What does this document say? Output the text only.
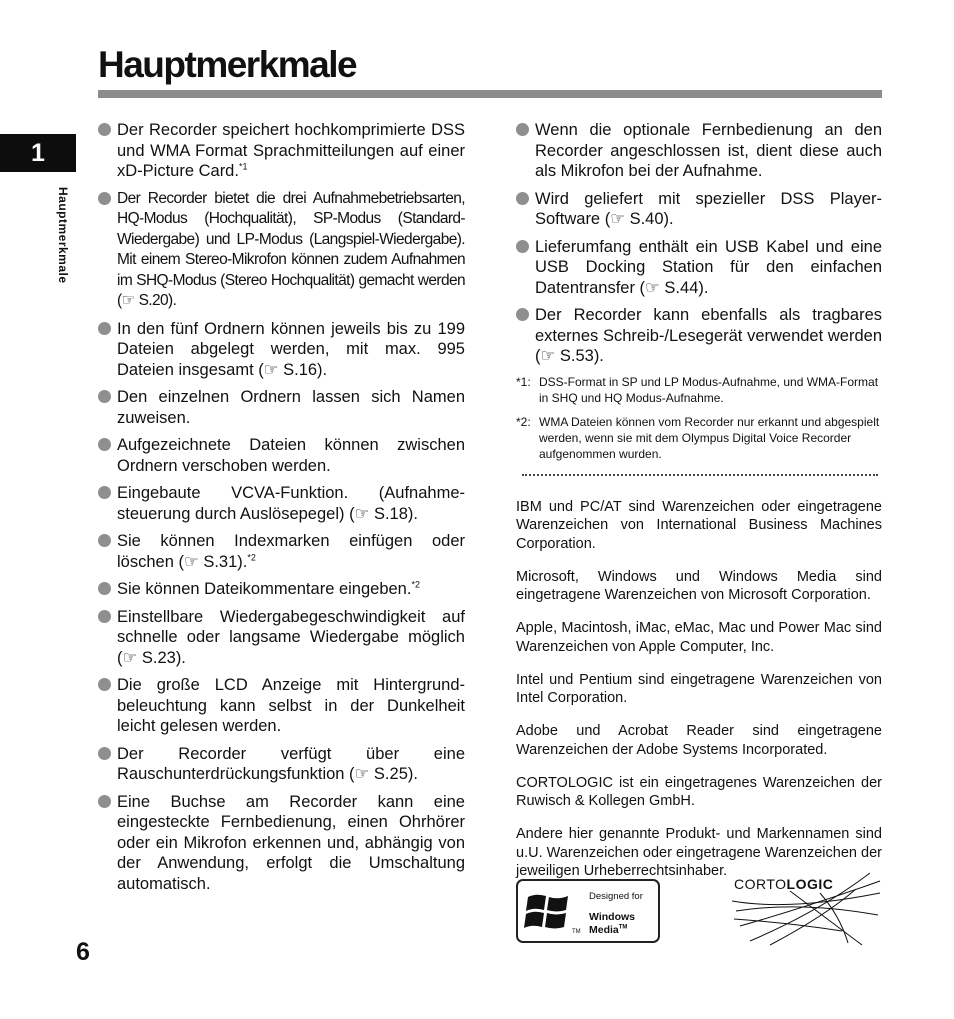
Hauptmerkmale
1
Hauptmerkmale
6
Der Recorder speichert hochkomprimierte DSS und WMA Format Sprachmitteilungen auf einer xD-Picture Card.$^{*1}$
Der Recorder bietet die drei Aufnahmebetriebsarten, HQ-Modus (Hochqualität), SP-Modus (Standard-Wiedergabe) und LP-Modus (Langspiel-Wiedergabe). Mit einem Stereo-Mikrofon können zudem Aufnahmen im SHQ-Modus (Stereo Hochqualität) gemacht werden (☞ S.20).
In den fünf Ordnern können jeweils bis zu 199 Dateien abgelegt werden, mit max. 995 Dateien insgesamt (☞ S.16).
Den einzelnen Ordnern lassen sich Namen zuweisen.
Aufgezeichnete Dateien können zwischen Ordnern verschoben werden.
Eingebaute VCVA-Funktion. (Aufnahme-steuerung durch Auslösepegel) (☞ S.18).
Sie können Indexmarken einfügen oder löschen (☞ S.31).$^{*2}$
Sie können Dateikommentare eingeben.$^{*2}$
Einstellbare Wiedergabegeschwindigkeit auf schnelle oder langsame Wiedergabe möglich (☞ S.23).
Die große LCD Anzeige mit Hintergrund-beleuchtung kann selbst in der Dunkelheit leicht gelesen werden.
Der Recorder verfügt über eine Rauschunterdrückungsfunktion (☞ S.25).
Eine Buchse am Recorder kann eine eingesteckte Fernbedienung, einen Ohrhörer oder ein Mikrofon erkennen und, abhängig von der Anwendung, erfolgt die Umschaltung automatisch.
Wenn die optionale Fernbedienung an den Recorder angeschlossen ist, dient diese auch als Mikrofon bei der Aufnahme.
Wird geliefert mit spezieller DSS Player-Software (☞ S.40).
Lieferumfang enthält ein USB Kabel und eine USB Docking Station für den einfachen Datentransfer (☞ S.44).
Der Recorder kann ebenfalls als tragbares externes Schreib-/Lesegerät verwendet werden (☞ S.53).
*1: DSS-Format in SP und LP Modus-Aufnahme, und WMA-Format in SHQ und HQ Modus-Aufnahme.
*2: WMA Dateien können vom Recorder nur erkannt und abgespielt werden, wenn sie mit dem Olympus Digital Voice Recorder aufgenommen wurden.

IBM und PC/AT sind Warenzeichen oder eingetragene Warenzeichen von International Business Machines Corporation.

Microsoft, Windows und Windows Media sind eingetragene Warenzeichen von Microsoft Corporation.

Apple, Macintosh, iMac, eMac, Mac und Power Mac sind Warenzeichen von Apple Computer, Inc.

Intel und Pentium sind eingetragene Warenzeichen von Intel Corporation.

Adobe und Acrobat Reader sind eingetragene Warenzeichen der Adobe Systems Incorporated.

CORTOLOGIC ist ein eingetragenes Warenzeichen der Ruwisch & Kollegen GmbH.

Andere hier genannte Produkt- und Markennamen sind u.U. Warenzeichen oder eingetragene Warenzeichen der jeweiligen Urheberrechtsinhaber.

Designed for
Windows
Media™
TM
CORTOLOGIC
